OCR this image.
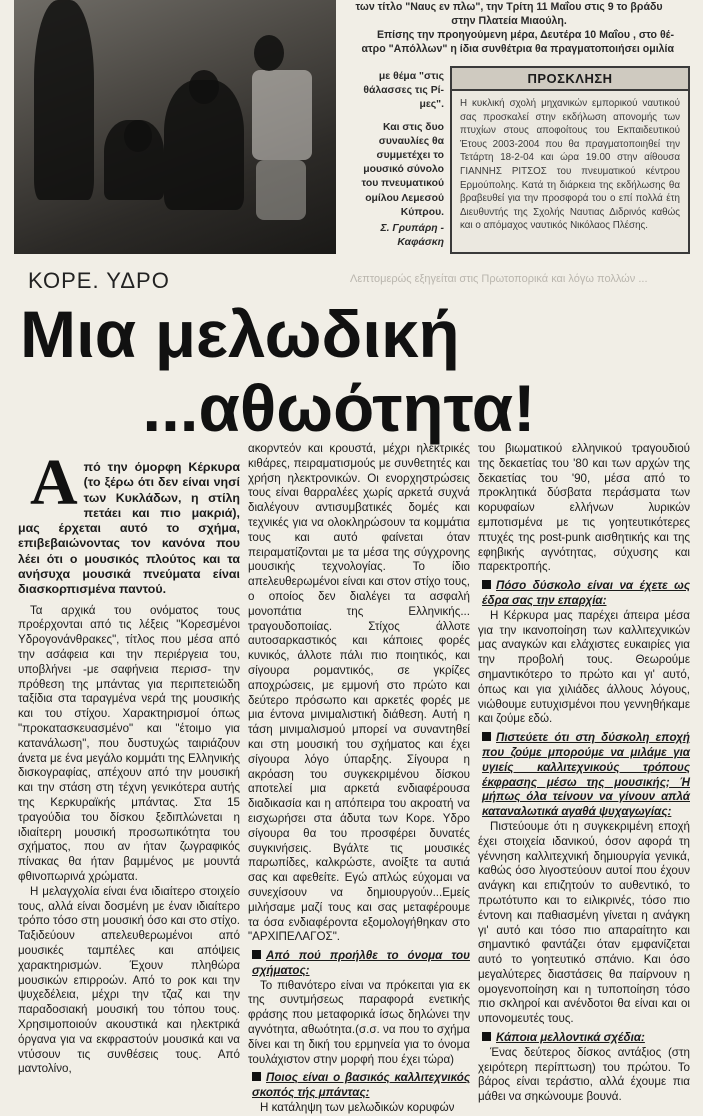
των τίτλο "Ναυς εν πλω", την Τρίτη 11 Μαΐου στις 9 το βράδυ

στην Πλατεία Μιαούλη.

Επίσης την προηγούμενη μέρα, Δευτέρα 10 Μαΐου , στο θέ-

ατρο "Απόλλων" η ίδια συνθέτρια θα πραγματοποιήσει ομιλία

με θέμα "στις θάλασσες τις Ρί-

μες".

Και στις δυο συναυλίες θα συμμετέχει το μουσικό σύνολο του πνευματικού ομίλου Λεμεσού Κύπρου.

Σ. Γρυπάρη - Καφάσκη

ΠΡΟΣΚΛΗΣΗ
Η κυκλική σχολή μηχανικών εμπορικού ναυτικού σας προσκαλεί στην εκδήλωση απονομής των πτυχίων στους αποφοίτους του Εκπαιδευτικού Έτους 2003-2004 που θα πραγματοποιηθεί την Τετάρτη 18-2-04 και ώρα 19.00 στην αίθουσα ΓΙΑΝΝΗΣ ΡΙΤΣΟΣ του πνευματικού κέντρου Ερμούπολης. Κατά τη διάρκεια της εκδήλωσης θα βραβευθεί για την προσφορά του ο επί πολλά έτη Διευθυντής της Σχολής Ναυτιας Διδρινός καθώς και ο απόμαχος ναυτικός Νικόλαος Πλέσης.
Λεπτομερώς εξηγείται στις Πρωτοπορικά και λόγω πολλών ...
ΚΟΡΕ. ΥΔΡΟ
Μια μελωδική
...αθωότητα!

Α πό την όμορφη Κέρκυρα (το ξέρω ότι δεν είναι νησί των Κυκλάδων, η στίλη πετάει και πιο μακριά), μας έρχεται αυτό το σχήμα, επιβεβαιώνοντας τον κανόνα που λέει ότι ο μουσικός πλούτος και τα ανήσυχα μουσικά πνεύματα είναι διασκορπισμένα παντού.

Τα αρχικά του ονόματος τους προέρχονται από τις λέξεις "Κορεσμένοι Υδρογονάνθρακες", τίτλος που μέσα από την ασάφεια και την περιέργεια του, υποβλήνει -με σαφήνεια περισσ- την πρόθεση της μπάντας για περιπετειώδη ταξίδια στα ταραγμένα νερά της μουσικής και του στίχου. Χαρακτηρισμοί όπως "προκατασκευασμένο" και "έτοιμο για κατανάλωση", που δυστυχώς ταιριάζουν άνετα με ένα μεγάλο κομμάτι της Ελληνικής δισκογραφίας, απέχουν από την μουσική και την στάση στη τέχνη γενικότερα αυτής της Κερκυραϊκής μπάντας. Στα 15 τραγούδια του δίσκου ξεδιπλώνεται η ιδιαίτερη μουσική προσωπικότητα του σχήματος, που αν ήταν ζωγραφικός πίνακας θα ήταν βαμμένος με μουντά φθινοπωρινά χρώματα.

Η μελαγχολία είναι ένα ιδιαίτερο στοιχείο τους, αλλά είναι δοσμένη με έναν ιδιαίτερο τρόπο τόσο στη μουσική όσο και στο στίχο. Ταξιδεύουν απελευθερωμένοι από μουσικές ταμπέλες και απόψεις χαρακτηρισμών. Έχουν πληθώρα μουσικών επιρροών. Από το ροκ και την ψυχεδέλεια, μέχρι την τζαζ και την παραδοσιακή μουσική του τόπου τους. Χρησιμοποιούν ακουστικά και ηλεκτρικά όργανα για να εκφραστούν μουσικά και να ντύσουν τις συνθέσεις τους. Από μαντολίνο,

ακορντεόν και κρουστά, μέχρι ηλεκτρικές κιθάρες, πειραματισμούς με συνθετητές και χρήση ηλεκτρονικών. Οι ενορχηστρώσεις τους είναι θαρραλέες χωρίς αρκετά συχνά διαλέγουν αντισυμβατικές δομές και τεχνικές για να ολοκληρώσουν τα κομμάτια τους και αυτό φαίνεται όταν πειραματίζονται με τα μέσα της σύγχρονης μουσικής τεχνολογίας. Το ίδιο απελευθερωμένοι είναι και στον στίχο τους, ο οποίος δεν διαλέγει τα ασφαλή μονοπάτια της Ελληνικής... τραγουδοποιίας. Στίχος άλλοτε αυτοσαρκαστικός και κάποιες φορές κυνικός, άλλοτε πάλι πιο ποιητικός, και σίγουρα ρομαντικός, σε γκρίζες αποχρώσεις, με εμμονή στο πρώτο και δεύτερο πρόσωπο και αρκετές φορές με μια έντονα μινιμαλιστική διάθεση. Αυτή η τάση μινιμαλισμού μπορεί να συναντηθεί και στη μουσική του σχήματος και έχει σίγουρα λόγο ύπαρξης. Σίγουρα η ακρόαση του συγκεκριμένου δίσκου αποτελεί μια αρκετά ενδιαφέρουσα διαδικασία και η απόπειρα του ακροατή να εισχωρήσει στα άδυτα των Κορε. Υδρο σίγουρα θα του προσφέρει δυνατές συγκινήσεις. Βγάλτε τις μουσικές παρωπίδες, καλκρώστε, ανοίξτε τα αυτιά σας και αφεθείτε. Εγώ απλώς εύχομαι να συνεχίσουν να δημιουργούν...Εμείς μιλήσαμε μαζί τους και σας μεταφέρουμε τα όσα ενδιαφέροντα εξομολογήθηκαν στο "ΑΡΧΙΠΕΛΑΓΟΣ".

Από πού προήλθε το όνομα του σχήματος:

Το πιθανότερο είναι να πρόκειται για εκ της συντμήσεως παραφορά ενετικής φράσης που μεταφορικά ίσως δηλώνει την αγνότητα, αθωότητα.(σ.σ. να που το σχήμα δίνει και τη δική του ερμηνεία για το όνομα τουλάχιστον στην μορφή που έχει τώρα)

Ποιος είναι ο βασικός καλλιτεχνικός σκοπός τής μπάντας:

Η κατάληψη των μελωδικών κορυφών

του βιωματικού ελληνικού τραγουδιού της δεκαετίας του '80 και των αρχών της δεκαετίας του '90, μέσα από το προκλητικά δύσβατα περάσματα των κορυφαίων ελλήνων λυρικών εμποτισμένα με τις γοητευτικότερες πτυχές της post-punk αισθητικής και της εφηβικής αγνότητας, σύχυσης και παρεκτροπής.

Πόσο δύσκολο είναι να έχετε ως έδρα σας την επαρχία:

Η Κέρκυρα μας παρέχει άπειρα μέσα για την ικανοποίηση των καλλιτεχνικών μας αναγκών και ελάχιστες ευκαιρίες για την προβολή τους. Θεωρούμε σημαντικότερο το πρώτο και γι' αυτό, όπως και για χιλιάδες άλλους λόγους, νιώθουμε ευτυχισμένοι που γεννηθήκαμε και ζούμε εδώ.

Πιστεύετε ότι στη δύσκολη εποχή που ζούμε μπορούμε να μιλάμε για υγιείς καλλιτεχνικούς τρόπους έκφρασης μέσω της μουσικής; Ή μήπως όλα τείνουν να γίνουν απλά καταναλωτικά αγαθά ψυχαγωγίας:

Πιστεύουμε ότι η συγκεκριμένη εποχή έχει στοιχεία ιδανικού, όσον αφορά τη γέννηση καλλιτεχνική δημιουργία γενικά, καθώς όσο λιγοστεύουν αυτοί που έχουν ανάγκη και επιζητούν το αυθεντικό, το πρωτότυπο και το ειλικρινές, τόσο πιο έντονη και παθιασμένη γίνεται η ανάγκη γι' αυτό και τόσο πιο απαραίτητο και σημαντικό φαντάζει όταν εμφανίζεται αυτό το γοητευτικό σπάνιο. Και όσο μεγαλύτερες διαστάσεις θα παίρνουν η ομογενοποίηση και η τυποποίηση τόσο πιο σκληροί και ανένδοτοι θα είναι και οι υπονομευτές τους.

Κάποια μελλοντικά σχέδια:

Ένας δεύτερος δίσκος αντάξιος (στη χειρότερη περίπτωση) του πρώτου. Το βάρος είναι τεράστιο, αλλά έχουμε πια μάθει να σηκώνουμε βουνά.
